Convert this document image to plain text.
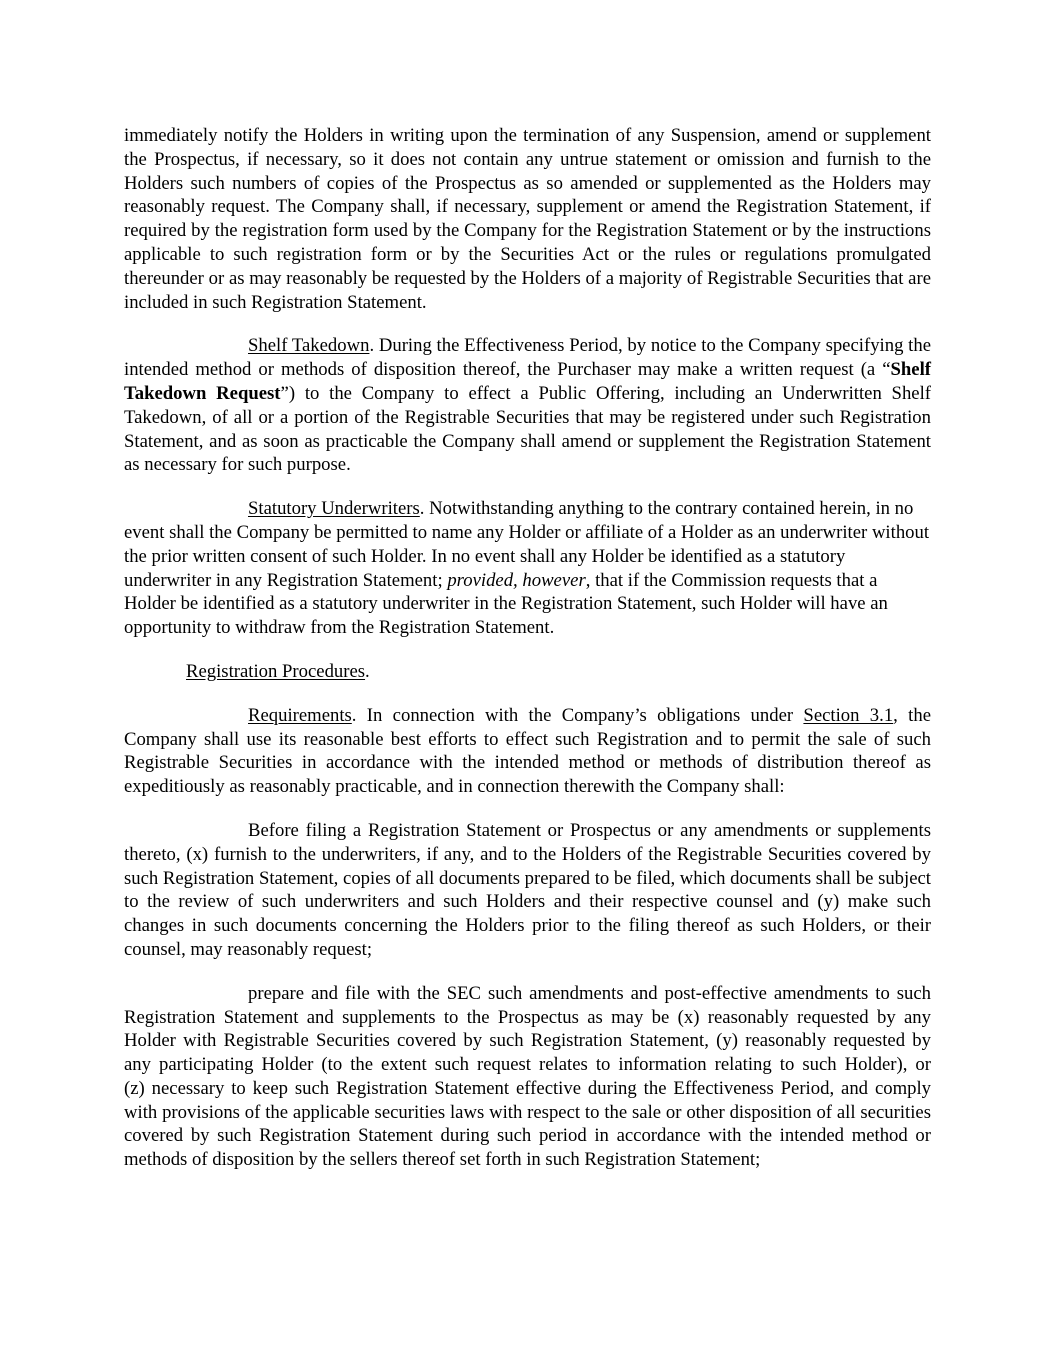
immediately notify the Holders in writing upon the termination of any Suspension, amend or supplement the Prospectus, if necessary, so it does not contain any untrue statement or omission and furnish to the Holders such numbers of copies of the Prospectus as so amended or supplemented as the Holders may reasonably request. The Company shall, if necessary, supplement or amend the Registration Statement, if required by the registration form used by the Company for the Registration Statement or by the instructions applicable to such registration form or by the Securities Act or the rules or regulations promulgated thereunder or as may reasonably be requested by the Holders of a majority of Registrable Securities that are included in such Registration Statement.

Shelf Takedown. During the Effectiveness Period, by notice to the Company specifying the intended method or methods of disposition thereof, the Purchaser may make a written request (a “Shelf Takedown Request”) to the Company to effect a Public Offering, including an Underwritten Shelf Takedown, of all or a portion of the Registrable Securities that may be registered under such Registration Statement, and as soon as practicable the Company shall amend or supplement the Registration Statement as necessary for such purpose.

Statutory Underwriters. Notwithstanding anything to the contrary contained herein, in no event shall the Company be permitted to name any Holder or affiliate of a Holder as an underwriter without the prior written consent of such Holder. In no event shall any Holder be identified as a statutory underwriter in any Registration Statement; provided, however, that if the Commission requests that a Holder be identified as a statutory underwriter in the Registration Statement, such Holder will have an opportunity to withdraw from the Registration Statement.

Registration Procedures.

Requirements. In connection with the Company’s obligations under Section 3.1, the Company shall use its reasonable best efforts to effect such Registration and to permit the sale of such Registrable Securities in accordance with the intended method or methods of distribution thereof as expeditiously as reasonably practicable, and in connection therewith the Company shall:

Before filing a Registration Statement or Prospectus or any amendments or supplements thereto, (x) furnish to the underwriters, if any, and to the Holders of the Registrable Securities covered by such Registration Statement, copies of all documents prepared to be filed, which documents shall be subject to the review of such underwriters and such Holders and their respective counsel and (y) make such changes in such documents concerning the Holders prior to the filing thereof as such Holders, or their counsel, may reasonably request;

prepare and file with the SEC such amendments and post-effective amendments to such Registration Statement and supplements to the Prospectus as may be (x) reasonably requested by any Holder with Registrable Securities covered by such Registration Statement, (y) reasonably requested by any participating Holder (to the extent such request relates to information relating to such Holder), or (z) necessary to keep such Registration Statement effective during the Effectiveness Period, and comply with provisions of the applicable securities laws with respect to the sale or other disposition of all securities covered by such Registration Statement during such period in accordance with the intended method or methods of disposition by the sellers thereof set forth in such Registration Statement;
